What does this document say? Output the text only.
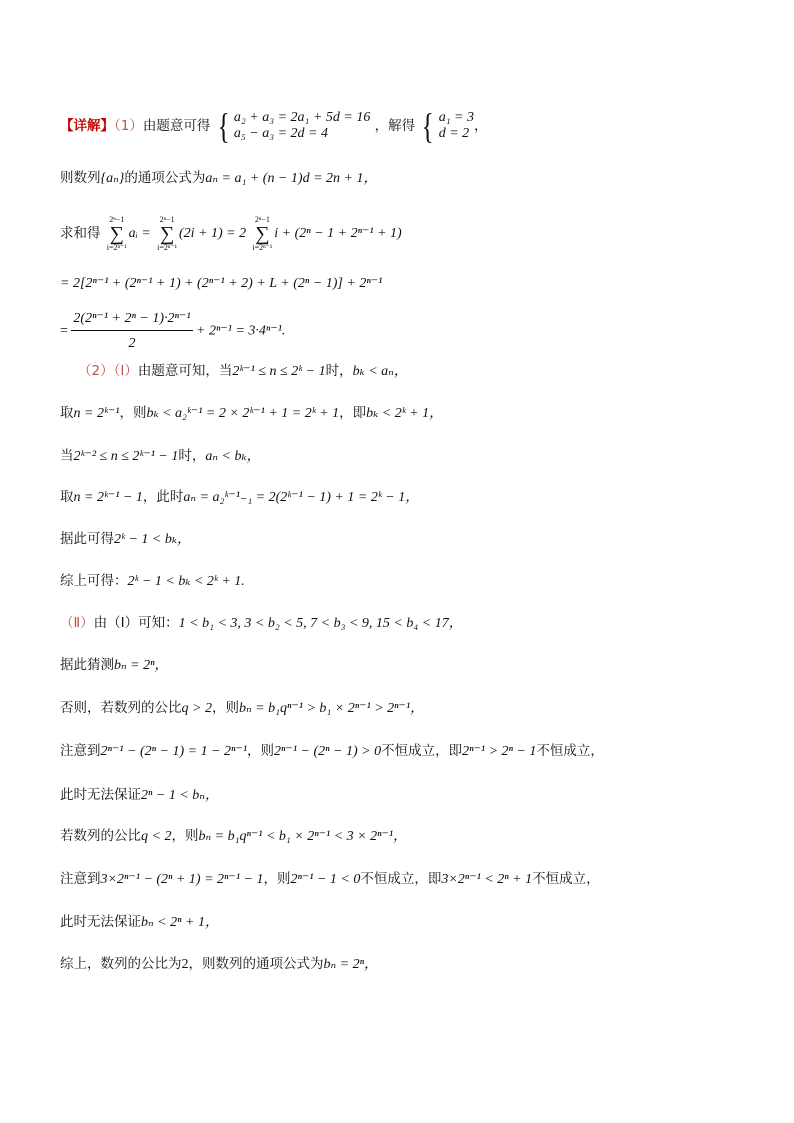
【详解】（1）由题意可得 { a₂ + a₃ = 2a₁ + 5d = 16
a₅ − a₃ = 2d = 4	，解得 { a₁ = 3
d = 2 ，
则数列{aₙ}的通项公式为aₙ = a₁ + (n − 1)d = 2n + 1，
求和得
2ⁿ−1
∑
i=2ⁿ⁻¹
aᵢ =
2ⁿ−1
∑
i=2ⁿ⁻¹
(2i + 1) = 2
2ⁿ−1
∑
i=2ⁿ⁻¹
i + (2ⁿ − 1 + 2ⁿ⁻¹ + 1)
= 2[2ⁿ⁻¹ + (2ⁿ⁻¹ + 1) + (2ⁿ⁻¹ + 2) + L + (2ⁿ − 1)] + 2ⁿ⁻¹
= $\frac{\text{2(2ⁿ⁻¹ + 2ⁿ − 1)·2ⁿ⁻¹}}{2} + 2^{n-1} = 3\cdot 4^{n-1}$.
（2）（Ⅰ）由题意可知，当2ᵏ⁻¹ ≤ n ≤ 2ᵏ − 1时，bₖ < aₙ，
取n = 2ᵏ⁻¹，则bₖ < a₂ᵏ⁻¹ = 2 × 2ᵏ⁻¹ + 1 = 2ᵏ + 1，即bₖ < 2ᵏ + 1，
当2ᵏ⁻² ≤ n ≤ 2ᵏ⁻¹ − 1时，aₙ < bₖ，
取n = 2ᵏ⁻¹ − 1，此时aₙ = a₂ᵏ⁻¹₋₁ = 2(2ᵏ⁻¹ − 1) + 1 = 2ᵏ − 1，
据此可得2ᵏ − 1 < bₖ，
综上可得：2ᵏ − 1 < bₖ < 2ᵏ + 1.
（Ⅱ）由（Ⅰ）可知：1 < b₁ < 3, 3 < b₂ < 5, 7 < b₃ < 9, 15 < b₄ < 17，
据此猜测bₙ = 2ⁿ，
否则，若数列的公比q > 2，则bₙ = b₁qⁿ⁻¹ > b₁ × 2ⁿ⁻¹ > 2ⁿ⁻¹，
注意到2ⁿ⁻¹ − (2ⁿ − 1) = 1 − 2ⁿ⁻¹，则2ⁿ⁻¹ − (2ⁿ − 1) > 0不恒成立，即2ⁿ⁻¹ > 2ⁿ − 1不恒成立，
此时无法保证2ⁿ − 1 < bₙ，
若数列的公比q < 2，则bₙ = b₁qⁿ⁻¹ < b₁ × 2ⁿ⁻¹ < 3 × 2ⁿ⁻¹，
注意到3×2ⁿ⁻¹ − (2ⁿ + 1) = 2ⁿ⁻¹ − 1，则2ⁿ⁻¹ − 1 < 0不恒成立，即3×2ⁿ⁻¹ < 2ⁿ + 1不恒成立，
此时无法保证bₙ < 2ⁿ + 1，
综上，数列的公比为2，则数列的通项公式为bₙ = 2ⁿ，
